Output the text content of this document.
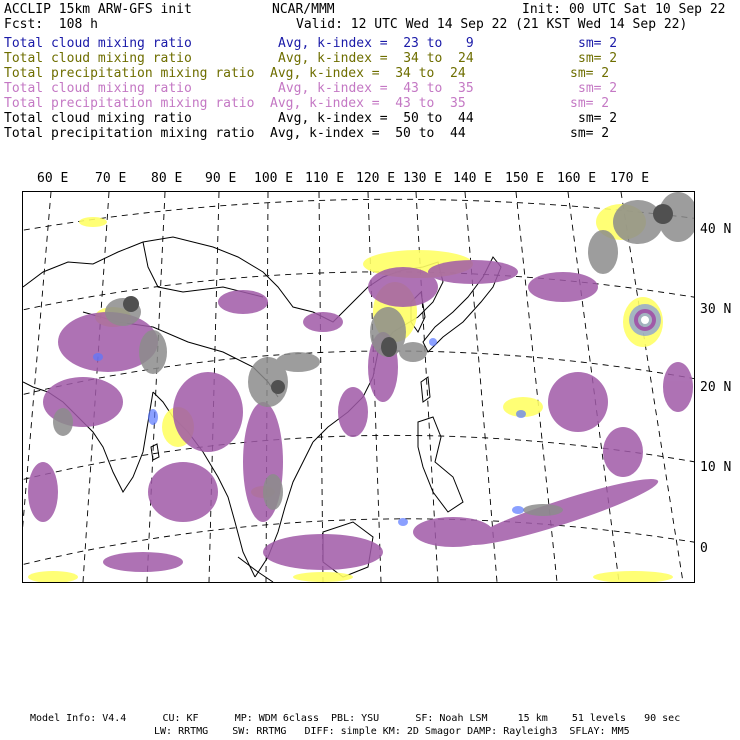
ACCLIP 15km ARW-GFS init	NCAR/MMM	Init: 00 UTC Sat 10 Sep 22
Fcst:  108 h	Valid: 12 UTC Wed 14 Sep 22 (21 KST Wed 14 Sep 22)
Total cloud mixing ratio	Avg, k-index =  23 to   9	sm= 2
Total cloud mixing ratio	Avg, k-index =  34 to  24	sm= 2
Total precipitation mixing ratio Avg, k-index =  34 to  24	sm= 2
Total cloud mixing ratio	Avg, k-index =  43 to  35	sm= 2
Total precipitation mixing ratio Avg, k-index =  43 to  35	sm= 2
Total cloud mixing ratio	Avg, k-index =  50 to  44	sm= 2
Total precipitation mixing ratio Avg, k-index =  50 to  44	sm= 2
60 E 70 E 80 E 90 E 100 E 110 E 120 E 130 E 140 E 150 E 160 E 170 E
40 N
30 N
20 N
10 N
0
Model Info: V4.4      CU: KF      MP: WDM 6class  PBL: YSU      SF: Noah LSM     15 km    51 levels   90 sec
LW: RRTMG    SW: RRTMG   DIFF: simple KM: 2D Smagor DAMP: Rayleigh3  SFLAY: MM5
